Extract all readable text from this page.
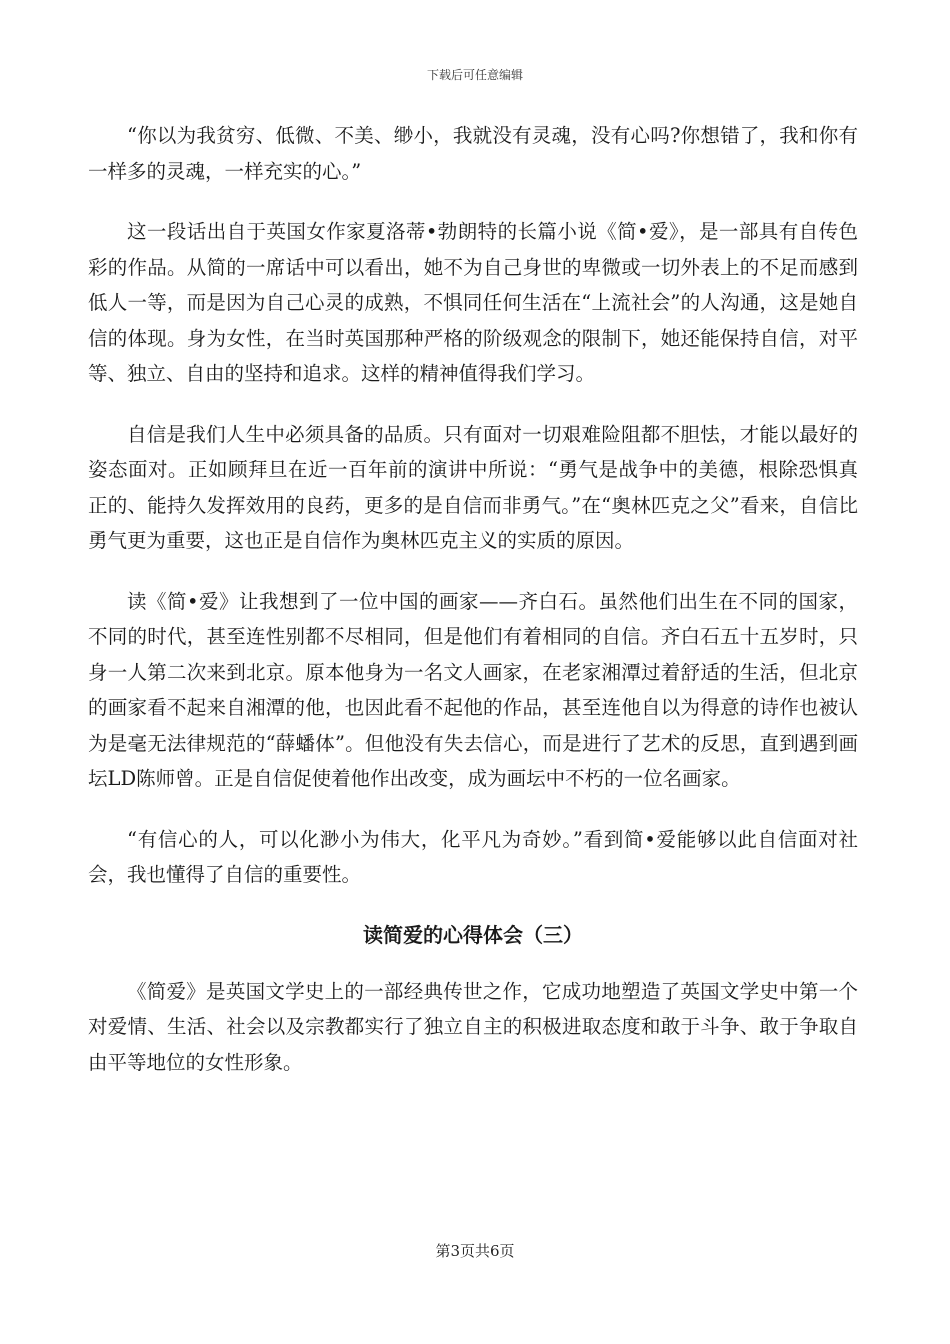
下载后可任意编辑

“你以为我贫穷、低微、不美、缈小，我就没有灵魂，没有心吗?你想错了，我和你有一样多的灵魂，一样充实的心。”

这一段话出自于英国女作家夏洛蒂•勃朗特的长篇小说《简•爱》，是一部具有自传色彩的作品。从简的一席话中可以看出，她不为自己身世的卑微或一切外表上的不足而感到低人一等，而是因为自己心灵的成熟，不惧同任何生活在“上流社会”的人沟通，这是她自信的体现。身为女性，在当时英国那种严格的阶级观念的限制下，她还能保持自信，对平等、独立、自由的坚持和追求。这样的精神值得我们学习。

自信是我们人生中必须具备的品质。只有面对一切艰难险阻都不胆怯，才能以最好的姿态面对。正如顾拜旦在近一百年前的演讲中所说：“勇气是战争中的美德，根除恐惧真正的、能持久发挥效用的良药，更多的是自信而非勇气。”在“奥林匹克之父”看来，自信比勇气更为重要，这也正是自信作为奥林匹克主义的实质的原因。

读《简•爱》让我想到了一位中国的画家——齐白石。虽然他们出生在不同的国家，不同的时代，甚至连性别都不尽相同，但是他们有着相同的自信。齐白石五十五岁时，只身一人第二次来到北京。原本他身为一名文人画家，在老家湘潭过着舒适的生活，但北京的画家看不起来自湘潭的他，也因此看不起他的作品，甚至连他自以为得意的诗作也被认为是毫无法律规范的“薛蟠体”。但他没有失去信心，而是进行了艺术的反思，直到遇到画坛LD陈师曾。正是自信促使着他作出改变，成为画坛中不朽的一位名画家。

“有信心的人，可以化渺小为伟大，化平凡为奇妙。”看到简•爱能够以此自信面对社会，我也懂得了自信的重要性。

读简爱的心得体会（三）

《简爱》是英国文学史上的一部经典传世之作，它成功地塑造了英国文学史中第一个对爱情、生活、社会以及宗教都实行了独立自主的积极进取态度和敢于斗争、敢于争取自由平等地位的女性形象。

第3页共6页
